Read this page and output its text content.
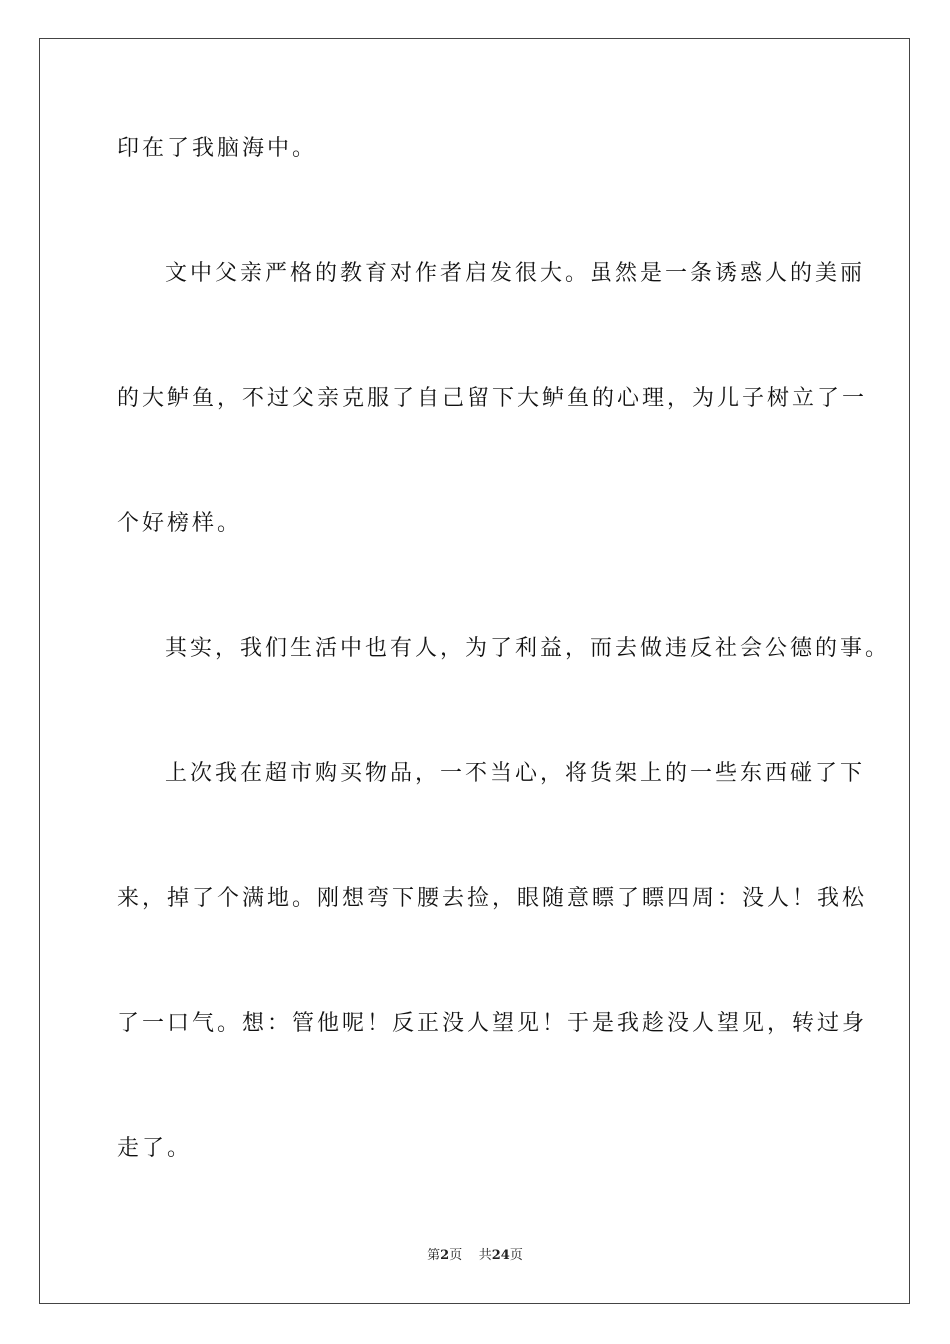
印在了我脑海中。
文中父亲严格的教育对作者启发很大。虽然是一条诱惑人的美丽
的大鲈鱼，不过父亲克服了自己留下大鲈鱼的心理，为儿子树立了一
个好榜样。
其实，我们生活中也有人，为了利益，而去做违反社会公德的事。
上次我在超市购买物品，一不当心，将货架上的一些东西碰了下
来，掉了个满地。刚想弯下腰去捡，眼随意瞟了瞟四周：没人！我松
了一口气。想：管他呢！反正没人望见！于是我趁没人望见，转过身
走了。
第2页 共24页
